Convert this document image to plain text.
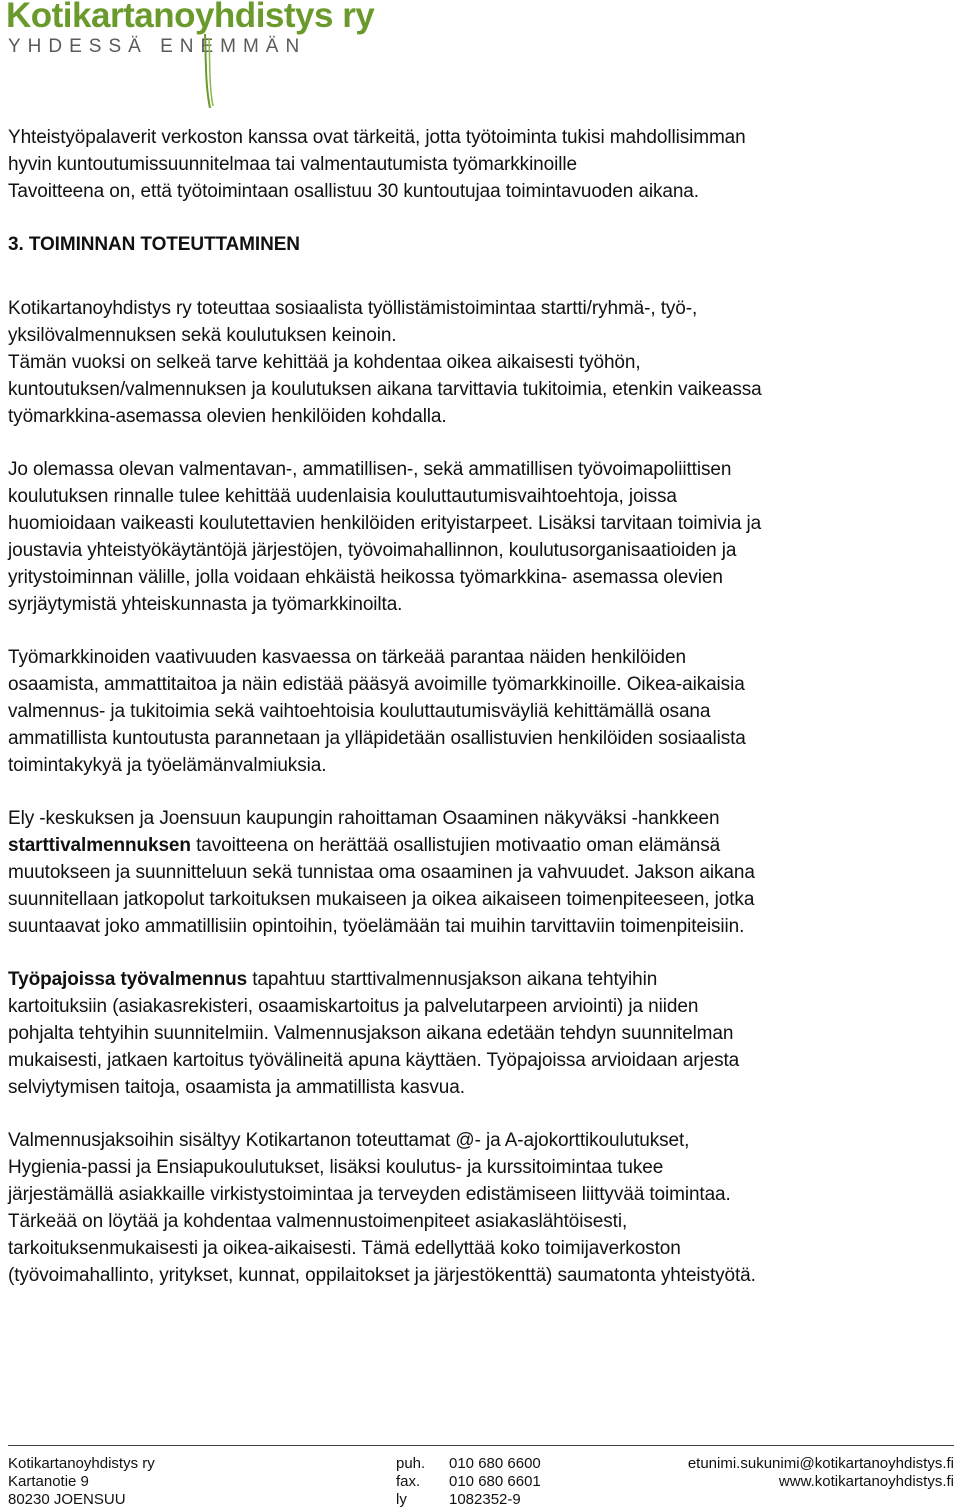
Kotikartanoyhdistys ry
YHDESSÄ ENEMMÄN

Yhteistyöpalaverit verkoston kanssa ovat tärkeitä, jotta työtoiminta tukisi mahdollisimman
hyvin kuntoutumissuunnitelmaa tai valmentautumista työmarkkinoille
Tavoitteena on, että työtoimintaan osallistuu 30 kuntoutujaa toimintavuoden aikana.

3. TOIMINNAN TOTEUTTAMINEN

Kotikartanoyhdistys ry toteuttaa sosiaalista työllistämistoimintaa startti/ryhmä-, työ-,
yksilövalmennuksen sekä koulutuksen keinoin.
Tämän vuoksi on selkeä tarve kehittää ja kohdentaa oikea aikaisesti työhön,
kuntoutuksen/valmennuksen ja koulutuksen aikana tarvittavia tukitoimia, etenkin vaikeassa
työmarkkina-asemassa olevien henkilöiden kohdalla.

Jo olemassa olevan valmentavan-, ammatillisen-, sekä ammatillisen työvoimapoliittisen
koulutuksen rinnalle tulee kehittää uudenlaisia kouluttautumisvaihtoehtoja, joissa
huomioidaan vaikeasti koulutettavien henkilöiden erityistarpeet. Lisäksi tarvitaan toimivia ja
joustavia yhteistyökäytäntöjä järjestöjen, työvoimahallinnon, koulutusorganisaatioiden ja
yritystoiminnan välille, jolla voidaan ehkäistä heikossa työmarkkina- asemassa olevien
syrjäytymistä yhteiskunnasta ja työmarkkinoilta.

Työmarkkinoiden vaativuuden kasvaessa on tärkeää parantaa näiden henkilöiden
osaamista, ammattitaitoa ja näin edistää pääsyä avoimille työmarkkinoille. Oikea-aikaisia
valmennus- ja tukitoimia sekä vaihtoehtoisia kouluttautumisväyliä kehittämällä osana
ammatillista kuntoutusta parannetaan ja ylläpidetään osallistuvien henkilöiden sosiaalista
toimintakykyä ja työelämänvalmiuksia.

Ely -keskuksen ja Joensuun kaupungin rahoittaman Osaaminen näkyväksi -hankkeen
starttivalmennuksen tavoitteena on herättää osallistujien motivaatio oman elämänsä
muutokseen ja suunnitteluun sekä tunnistaa oma osaaminen ja vahvuudet. Jakson aikana
suunnitellaan jatkopolut tarkoituksen mukaiseen ja oikea aikaiseen toimenpiteeseen, jotka
suuntaavat joko ammatillisiin opintoihin, työelämään tai muihin tarvittaviin toimenpiteisiin.

Työpajoissa työvalmennus tapahtuu starttivalmennusjakson aikana tehtyihin
kartoituksiin (asiakasrekisteri, osaamiskartoitus ja palvelutarpeen arviointi) ja niiden
pohjalta tehtyihin suunnitelmiin. Valmennusjakson aikana edetään tehdyn suunnitelman
mukaisesti, jatkaen kartoitus työvälineitä apuna käyttäen. Työpajoissa arvioidaan arjesta
selviytymisen taitoja, osaamista ja ammatillista kasvua.

Valmennusjaksoihin sisältyy Kotikartanon toteuttamat @- ja A-ajokorttikoulutukset,
Hygienia-passi ja Ensiapukoulutukset, lisäksi koulutus- ja kurssitoimintaa tukee
järjestämällä asiakkaille virkistystoimintaa ja terveyden edistämiseen liittyvää toimintaa.
Tärkeää on löytää ja kohdentaa valmennustoimenpiteet asiakaslähtöisesti,
tarkoituksenmukaisesti ja oikea-aikaisesti. Tämä edellyttää koko toimijaverkoston
(työvoimahallinto, yritykset, kunnat, oppilaitokset ja järjestökenttä) saumatonta yhteistyötä.

Kotikartanoyhdistys ry
Kartanotie 9
80230 JOENSUU
puh.
fax.
ly
010 680 6600
010 680 6601
1082352-9
etunimi.sukunimi@kotikartanoyhdistys.fi
www.kotikartanoyhdistys.fi
